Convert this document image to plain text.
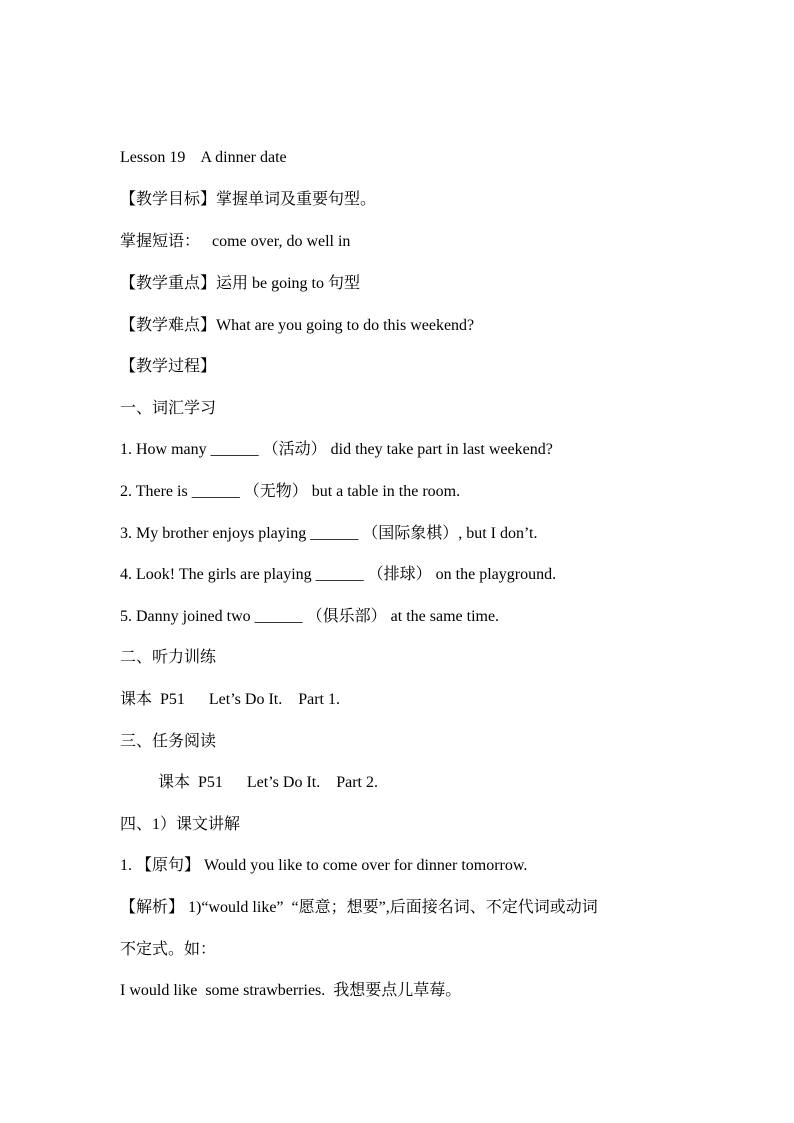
Lesson 19    A dinner date
【教学目标】掌握单词及重要句型。
掌握短语：   come over, do well in
【教学重点】运用 be going to 句型
【教学难点】What are you going to do this weekend?
【教学过程】
一、词汇学习
1. How many ______ （活动） did they take part in last weekend?
2. There is ______ （无物） but a table in the room.
3. My brother enjoys playing ______ （国际象棋）, but I don’t.
4. Look! The girls are playing ______ （排球） on the playground.
5. Danny joined two ______ （俱乐部） at the same time.
二、听力训练
课本  P51      Let’s Do It.    Part 1.
三、任务阅读
课本  P51      Let’s Do It.    Part 2.
四、1）课文讲解
1. 【原句】 Would you like to come over for dinner tomorrow.
【解析】 1)“would like”  “愿意；想要”,后面接名词、不定代词或动词
不定式。如：
I would like  some strawberries.  我想要点儿草莓。
